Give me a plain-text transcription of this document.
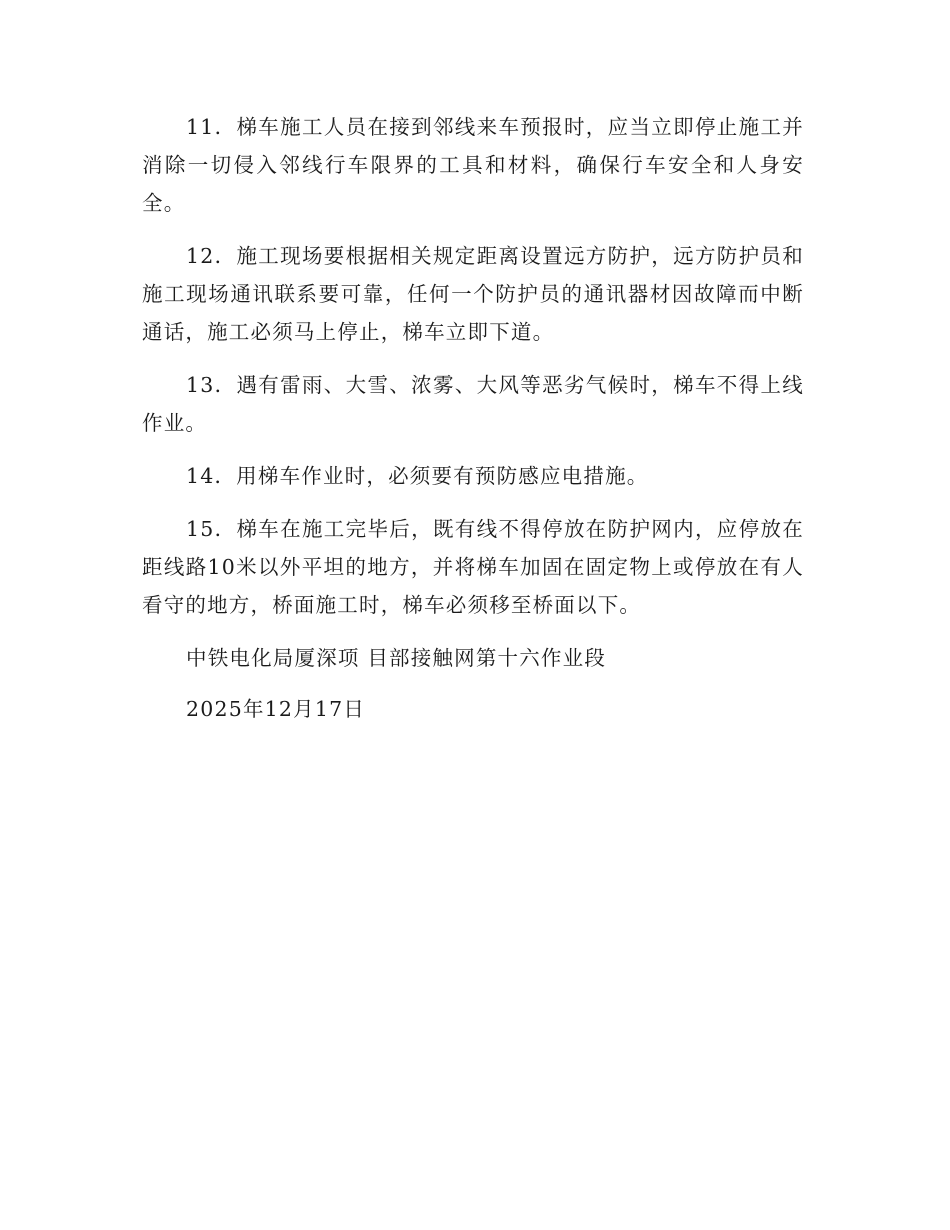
11．梯车施工人员在接到邻线来车预报时，应当立即停止施工并消除一切侵入邻线行车限界的工具和材料，确保行车安全和人身安全。

12．施工现场要根据相关规定距离设置远方防护，远方防护员和施工现场通讯联系要可靠，任何一个防护员的通讯器材因故障而中断通话，施工必须马上停止，梯车立即下道。

13．遇有雷雨、大雪、浓雾、大风等恶劣气候时，梯车不得上线作业。

14．用梯车作业时，必须要有预防感应电措施。

15．梯车在施工完毕后，既有线不得停放在防护网内，应停放在距线路10米以外平坦的地方，并将梯车加固在固定物上或停放在有人看守的地方，桥面施工时，梯车必须移至桥面以下。

中铁电化局厦深项 目部接触网第十六作业段

2025年12月17日
